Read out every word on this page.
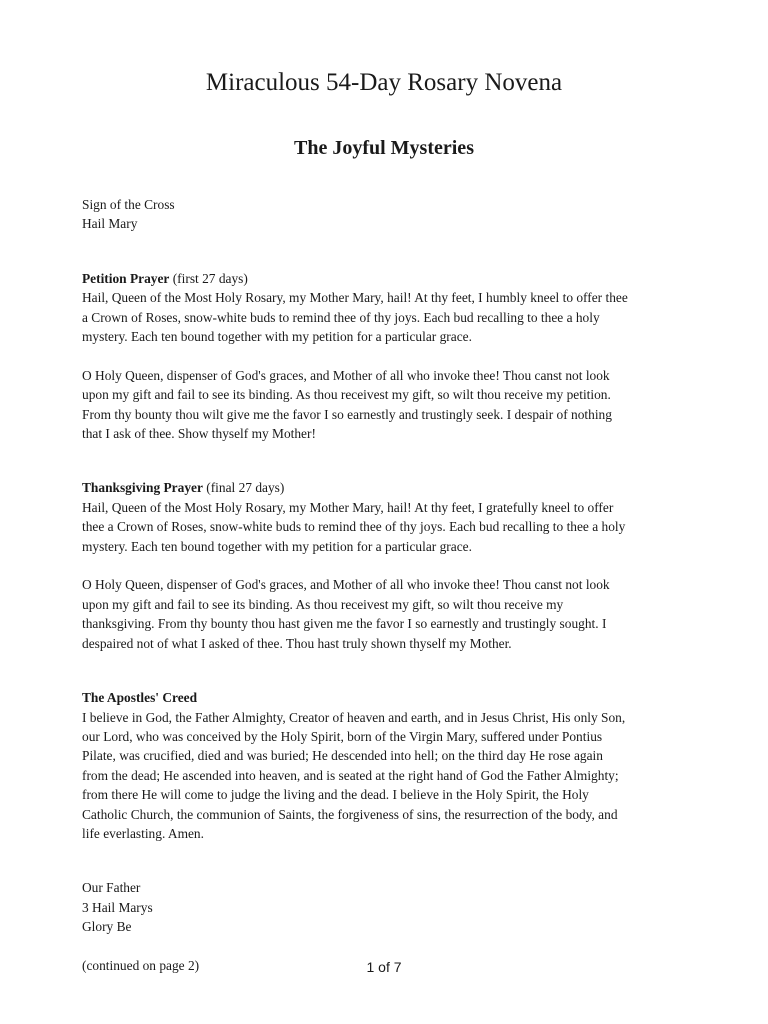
Miraculous 54-Day Rosary Novena
The Joyful Mysteries
Sign of the Cross
Hail Mary
Petition Prayer (first 27 days)
Hail, Queen of the Most Holy Rosary, my Mother Mary, hail! At thy feet, I humbly kneel to offer thee
a Crown of Roses, snow-white buds to remind thee of thy joys. Each bud recalling to thee a holy
mystery. Each ten bound together with my petition for a particular grace.
O Holy Queen, dispenser of God's graces, and Mother of all who invoke thee! Thou canst not look
upon my gift and fail to see its binding. As thou receivest my gift, so wilt thou receive my petition.
From thy bounty thou wilt give me the favor I so earnestly and trustingly seek. I despair of nothing
that I ask of thee. Show thyself my Mother!
Thanksgiving Prayer (final 27 days)
Hail, Queen of the Most Holy Rosary, my Mother Mary, hail! At thy feet, I gratefully kneel to offer
thee a Crown of Roses, snow-white buds to remind thee of thy joys. Each bud recalling to thee a holy
mystery. Each ten bound together with my petition for a particular grace.
O Holy Queen, dispenser of God's graces, and Mother of all who invoke thee! Thou canst not look
upon my gift and fail to see its binding. As thou receivest my gift, so wilt thou receive my
thanksgiving. From thy bounty thou hast given me the favor I so earnestly and trustingly sought. I
despaired not of what I asked of thee. Thou hast truly shown thyself my Mother.
The Apostles' Creed
I believe in God, the Father Almighty, Creator of heaven and earth, and in Jesus Christ, His only Son,
our Lord, who was conceived by the Holy Spirit, born of the Virgin Mary, suffered under Pontius
Pilate, was crucified, died and was buried; He descended into hell; on the third day He rose again
from the dead; He ascended into heaven, and is seated at the right hand of God the Father Almighty;
from there He will come to judge the living and the dead. I believe in the Holy Spirit, the Holy
Catholic Church, the communion of Saints, the forgiveness of sins, the resurrection of the body, and
life everlasting. Amen.
Our Father
3 Hail Marys
Glory Be
(continued on page 2)	1 of 7
